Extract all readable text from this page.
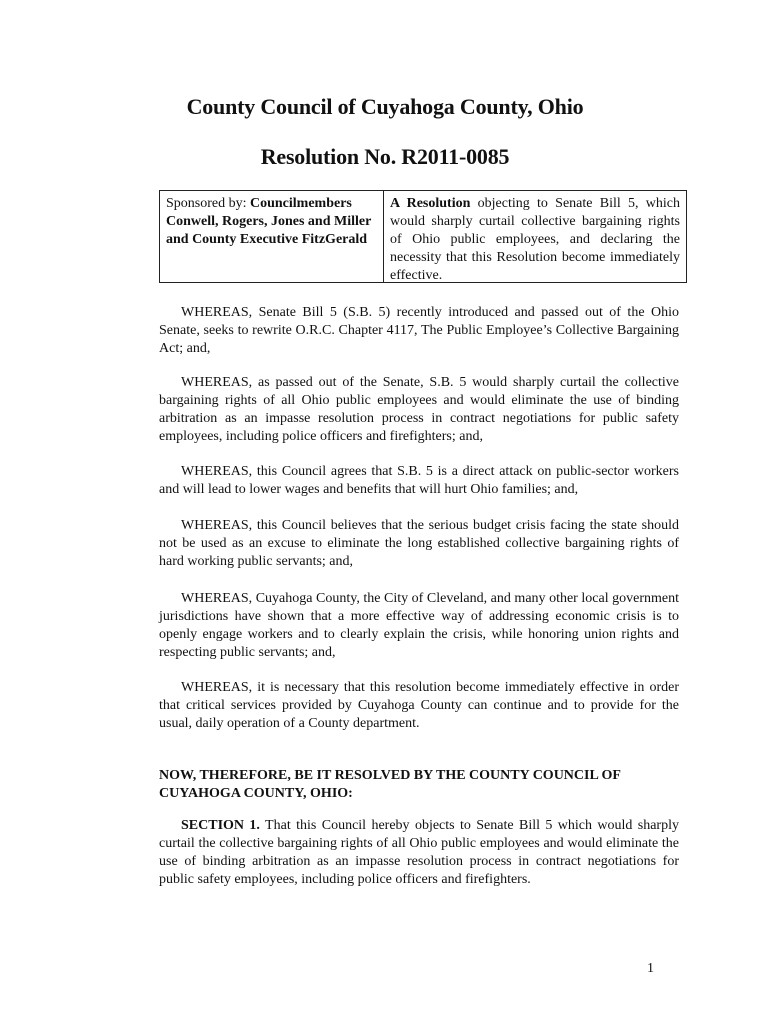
County Council of Cuyahoga County, Ohio
Resolution No. R2011-0085
Sponsored by: Councilmembers Conwell, Rogers, Jones and Miller and County Executive FitzGerald
A Resolution objecting to Senate Bill 5, which would sharply curtail collective bargaining rights of Ohio public employees, and declaring the necessity that this Resolution become immediately effective.
WHEREAS, Senate Bill 5 (S.B. 5) recently introduced and passed out of the Ohio Senate, seeks to rewrite O.R.C. Chapter 4117, The Public Employee’s Collective Bargaining Act; and,
WHEREAS, as passed out of the Senate, S.B. 5 would sharply curtail the collective bargaining rights of all Ohio public employees and would eliminate the use of binding arbitration as an impasse resolution process in contract negotiations for public safety employees, including police officers and firefighters; and,
WHEREAS, this Council agrees that S.B. 5 is a direct attack on public-sector workers and will lead to lower wages and benefits that will hurt Ohio families; and,
WHEREAS, this Council believes that the serious budget crisis facing the state should not be used as an excuse to eliminate the long established collective bargaining rights of hard working public servants; and,
WHEREAS, Cuyahoga County, the City of Cleveland, and many other local government jurisdictions have shown that a more effective way of addressing economic crisis is to openly engage workers and to clearly explain the crisis, while honoring union rights and respecting public servants; and,
WHEREAS, it is necessary that this resolution become immediately effective in order that critical services provided by Cuyahoga County can continue and to provide for the usual, daily operation of a County department.
NOW, THEREFORE, BE IT RESOLVED BY THE COUNTY COUNCIL OF CUYAHOGA COUNTY, OHIO:
SECTION 1. That this Council hereby objects to Senate Bill 5 which would sharply curtail the collective bargaining rights of all Ohio public employees and would eliminate the use of binding arbitration as an impasse resolution process in contract negotiations for public safety employees, including police officers and firefighters.
1
